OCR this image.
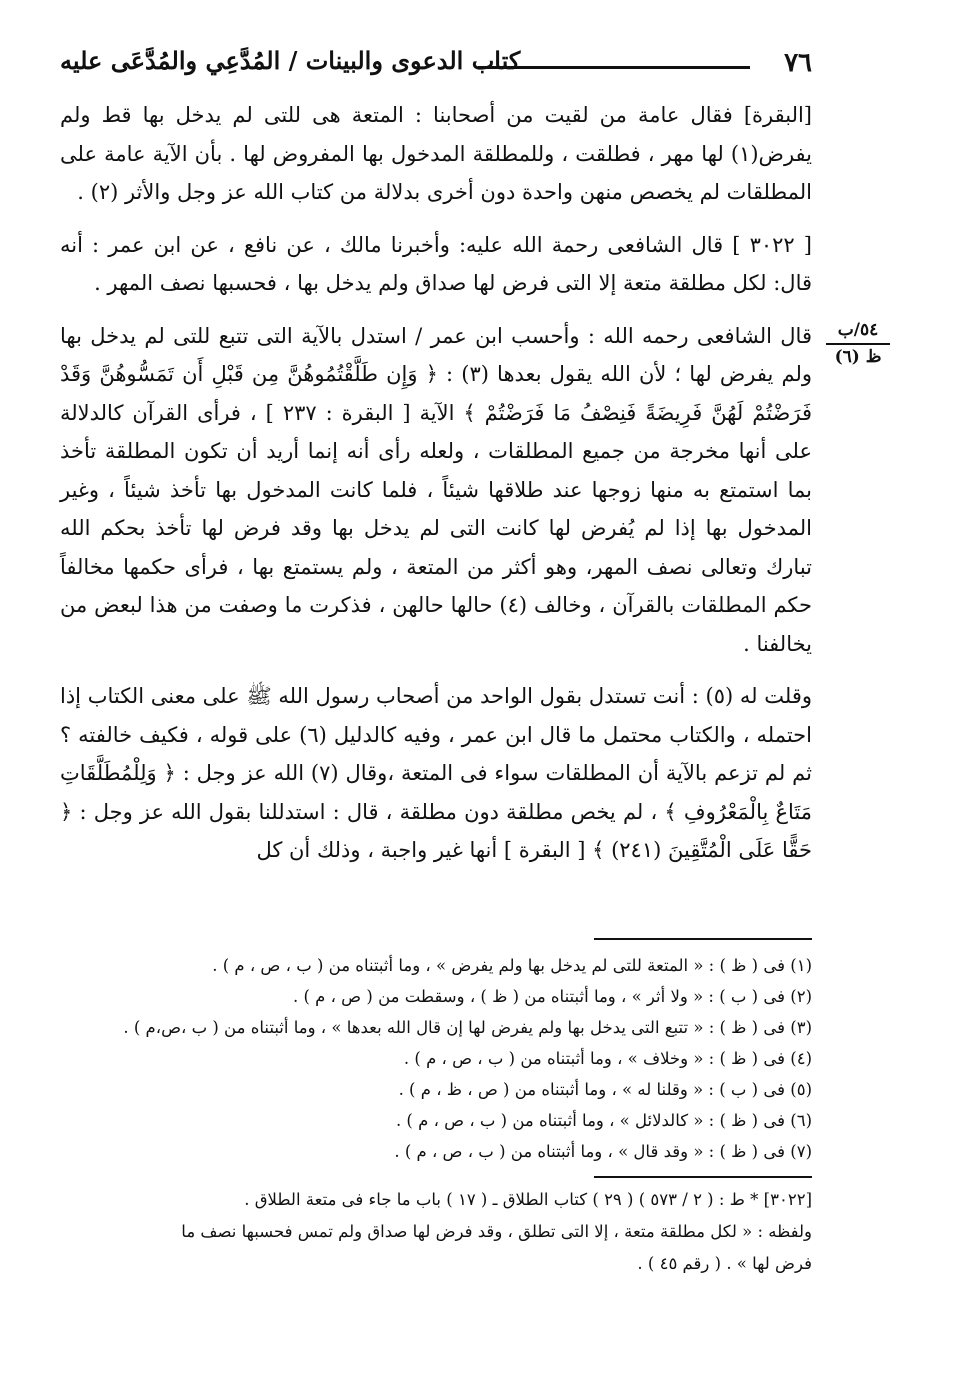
٧٦
كتاب الدعوى والبينات / المُدَّعِي والمُدَّعَى عليه
٥٤/ب
ظ (٦)

[البقرة] فقال عامة من لقيت من أصحابنا : المتعة هى للتى لم يدخل بها قط ولم يفرض(١) لها مهر ، فطلقت ، وللمطلقة المدخول بها المفروض لها . بأن الآية عامة على المطلقات لم يخصص منهن واحدة دون أخرى بدلالة من كتاب الله عز وجل والأثر (٢) .

[ ٣٠٢٢ ] قال الشافعى رحمة الله عليه: وأخبرنا مالك ، عن نافع ، عن ابن عمر : أنه قال: لكل مطلقة متعة إلا التى فرض لها صداق ولم يدخل بها ، فحسبها نصف المهر .

قال الشافعى رحمه الله : وأحسب ابن عمر / استدل بالآية التى تتبع للتى لم يدخل بها ولم يفرض لها ؛ لأن الله يقول بعدها (٣) : ﴿ وَإِن طَلَّقْتُمُوهُنَّ مِن قَبْلِ أَن تَمَسُّوهُنَّ وَقَدْ فَرَضْتُمْ لَهُنَّ فَرِيضَةً فَنِصْفُ مَا فَرَضْتُمْ ﴾ الآية [ البقرة : ٢٣٧ ] ، فرأى القرآن كالدلالة على أنها مخرجة من جميع المطلقات ، ولعله رأى أنه إنما أريد أن تكون المطلقة تأخذ بما استمتع به منها زوجها عند طلاقها شيئاً ، فلما كانت المدخول بها تأخذ شيئاً ، وغير المدخول بها إذا لم يُفرض لها كانت التى لم يدخل بها وقد فرض لها تأخذ بحكم الله تبارك وتعالى نصف المهر، وهو أكثر من المتعة ، ولم يستمتع بها ، فرأى حكمها مخالفاً حكم المطلقات بالقرآن ، وخالف (٤) حالها حالهن ، فذكرت ما وصفت من هذا لبعض من يخالفنا .

وقلت له (٥) : أنت تستدل بقول الواحد من أصحاب رسول الله ﷺ على معنى الكتاب إذا احتمله ، والكتاب محتمل ما قال ابن عمر ، وفيه كالدليل (٦) على قوله ، فكيف خالفته ؟ ثم لم تزعم بالآية أن المطلقات سواء فى المتعة ،وقال (٧) الله عز وجل : ﴿ وَلِلْمُطَلَّقَاتِ مَتَاعٌ بِالْمَعْرُوفِ ﴾ ، لم يخص مطلقة دون مطلقة ، قال : استدللنا بقول الله عز وجل : ﴿ حَقًّا عَلَى الْمُتَّقِينَ (٢٤١) ﴾ [ البقرة ] أنها غير واجبة ، وذلك أن كل

(١) فى ( ظ ) : « المتعة للتى لم يدخل بها ولم يفرض » ، وما أثبتناه من ( ب ، ص ، م ) .
(٢) فى ( ب ) : « ولا أثر » ، وما أثبتناه من ( ظ ) ، وسقطت من ( ص ، م ) .
(٣) فى ( ظ ) : « تتبع التى يدخل بها ولم يفرض لها إن قال الله بعدها » ، وما أثبتناه من ( ب ،ص،م ) .
(٤) فى ( ظ ) : « وخلاف » ، وما أثبتناه من ( ب ، ص ، م ) .
(٥) فى ( ب ) : « وقلنا له » ، وما أثبتناه من ( ص ، ظ ، م ) .
(٦) فى ( ظ ) : « كالدلائل » ، وما أثبتناه من ( ب ، ص ، م ) .
(٧) فى ( ظ ) : « وقد قال » ، وما أثبتناه من ( ب ، ص ، م ) .
[٣٠٢٢] * ط : ( ٢ / ٥٧٣ ) ( ٢٩ ) كتاب الطلاق ـ ( ١٧ ) باب ما جاء فى متعة الطلاق .
ولفظه : « لكل مطلقة متعة ، إلا التى تطلق ، وقد فرض لها صداق ولم تمس فحسبها نصف ما
فرض لها » . ( رقم ٤٥ ) .
